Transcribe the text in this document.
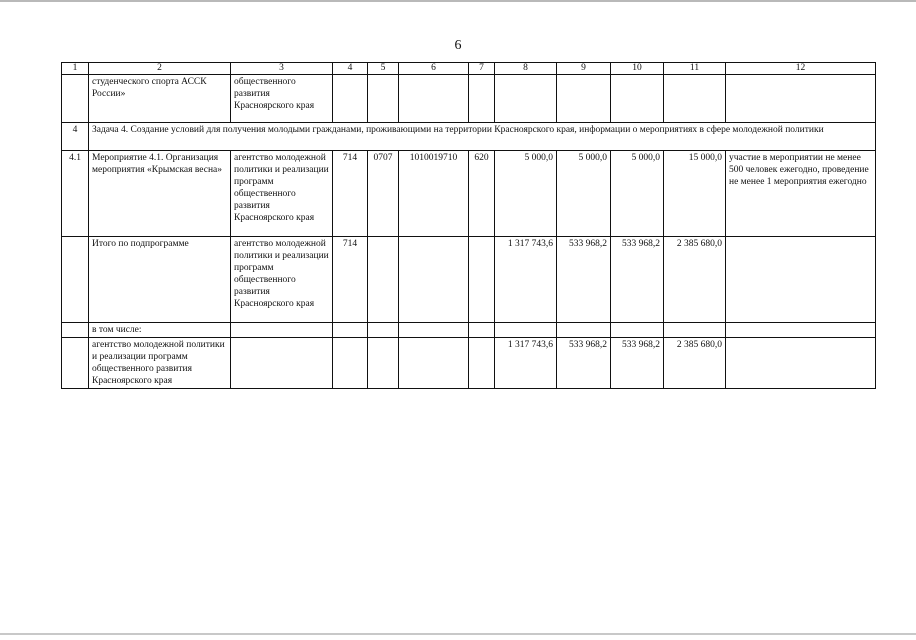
6
1	2	3	4	5	6	7	8	9	10	11	12
	студенческого спорта АССК России»	общественного развития Красноярского края									
4	Задача 4. Создание условий для получения молодыми гражданами, проживающими на территории Красноярского края, информации о мероприятиях в сфере молодежной политики										
4.1	Мероприятие 4.1. Организация мероприятия «Крымская весна»	агентство молодежной политики и реализации программ общественного развития Красноярского края	714	0707	1010019710	620	5 000,0	5 000,0	5 000,0	15 000,0	участие в мероприятии не менее 500 человек ежегодно, проведение не менее 1 мероприятия ежегодно
	Итого по подпрограмме	агентство молодежной политики и реализации программ общественного развития Красноярского края	714				1 317 743,6	533 968,2	533 968,2	2 385 680,0	
	в том числе:										
	агентство молодежной политики и реализации программ общественного развития Красноярского края						1 317 743,6	533 968,2	533 968,2	2 385 680,0	
